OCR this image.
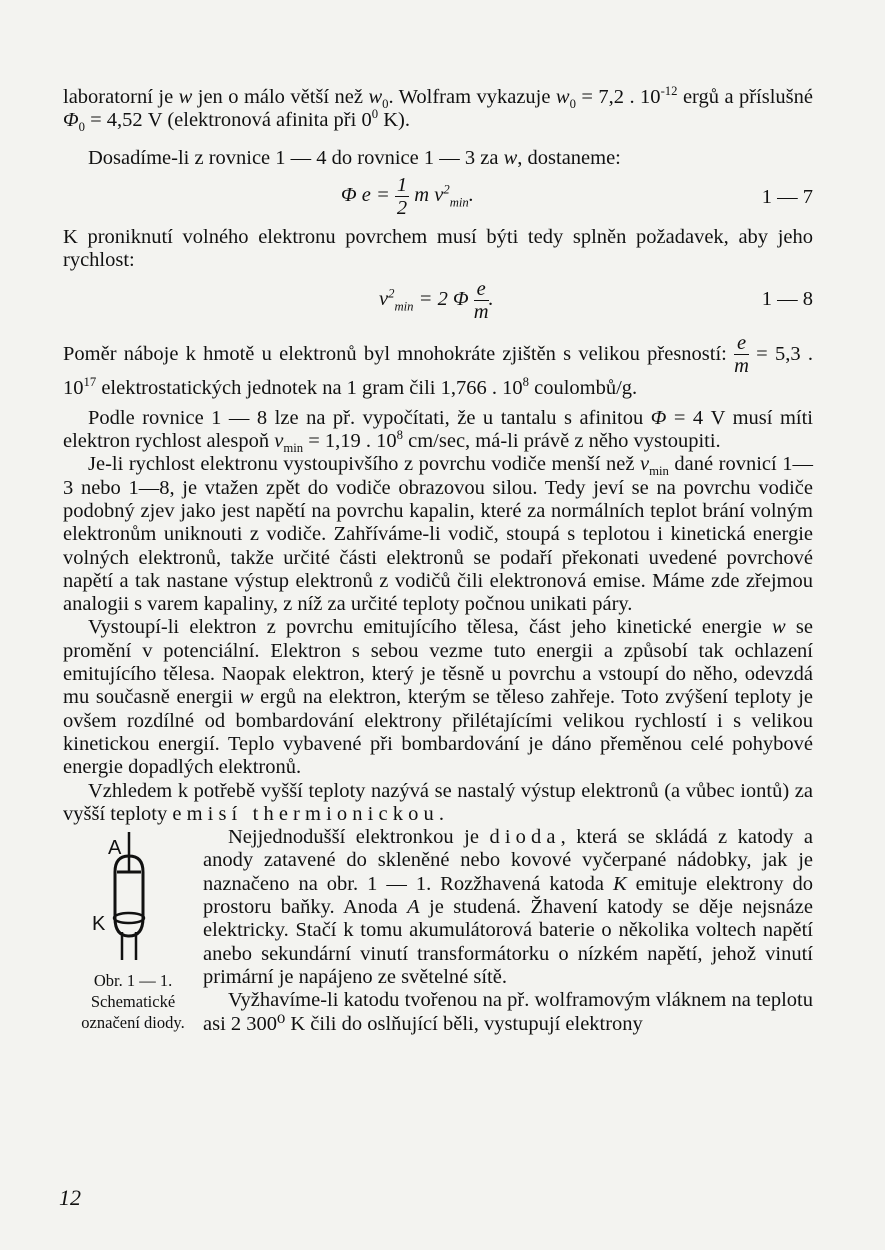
laboratorní je w jen o málo větší než $w_0$. Wolfram vykazuje $w_0 = 7,2$ . $10^{-12}$ ergů a příslušné $\Phi_0 = 4,52$ V (elektronová afinita při $0^0$ K).

Dosadíme-li z rovnice 1 — 4 do rovnice 1 — 3 za w, dostaneme:

Φ $e = \frac{1}{2}$ m $v^2_{min}$.	1 — 7

K proniknutí volného elektronu povrchem musí býti tedy splněn požadavek, aby jeho rychlost:

$v^2_{min} = 2$ Φ $\frac{e}{m}$ .	1 — 8

Poměr náboje k hmotě u elektronů byl mnohokráte zjištěn s velikou přesností: $\frac{e}{m} = 5,3$ . $10^{17}$ elektrostatických jednotek na 1 gram čili 1,766 . $10^8$ coulombů/g.

Podle rovnice 1 — 8 lze na př. vypočítati, že u tantalu s afinitou Φ = 4 V musí míti elektron rychlost alespoň $v_{min} = 1,19$ . $10^8$ cm/sec, má-li právě z něho vystoupiti.

Je-li rychlost elektronu vystoupivšího z povrchu vodiče menší než $v_{min}$ dané rovnicí 1—3 nebo 1—8, je vtažen zpět do vodiče obrazovou silou. Tedy jeví se na povrchu vodiče podobný zjev jako jest napětí na povrchu kapalin, které za normálních teplot brání volným elektronům uniknouti z vodiče. Zahříváme-li vodič, stoupá s teplotou i kinetická energie volných elektronů, takže určité části elektronů se podaří překonati uvedené povrchové napětí a tak nastane výstup elektronů z vodičů čili elektronová emise. Máme zde zřejmou analogii s varem kapaliny, z níž za určité teploty počnou unikati páry.

Vystoupí-li elektron z povrchu emitujícího tělesa, část jeho kinetické energie w se promění v potenciální. Elektron s sebou vezme tuto energii a způsobí tak ochlazení emitujícího tělesa. Naopak elektron, který je těsně u povrchu a vstoupí do něho, odevzdá mu současně energii w ergů na elektron, kterým se těleso zahřeje. Toto zvýšení teploty je ovšem rozdílné od bombardování elektrony přilétajícími velikou rychlostí i s velikou kinetickou energií. Teplo vybavené při bombardování je dáno přeměnou celé pohybové energie dopadlých elektronů.

Vzhledem k potřebě vyšší teploty nazývá se nastalý výstup elektronů (a vůbec iontů) za vyšší teploty emisí thermionickou.

A
K
Obr. 1 — 1.
Schematické
označení diody.

Nejjednodušší elektronkou je dioda, která se skládá z katody a anody zatavené do skleněné nebo kovové vyčerpané nádobky, jak je naznačeno na obr. 1 — 1. Rozžhavená katoda K emituje elektrony do prostoru baňky. Anoda A je studená. Žhavení katody se děje nejsnáze elektricky. Stačí k tomu akumulátorová baterie o několika voltech napětí anebo sekundární vinutí transformátorku o nízkém napětí, jehož vinutí primární je napájeno ze světelné sítě.

Vyžhavíme-li katodu tvořenou na př. wolframovým vláknem na teplotu asi 2 300⁰ K čili do oslňující běli, vystupují elektrony

12
